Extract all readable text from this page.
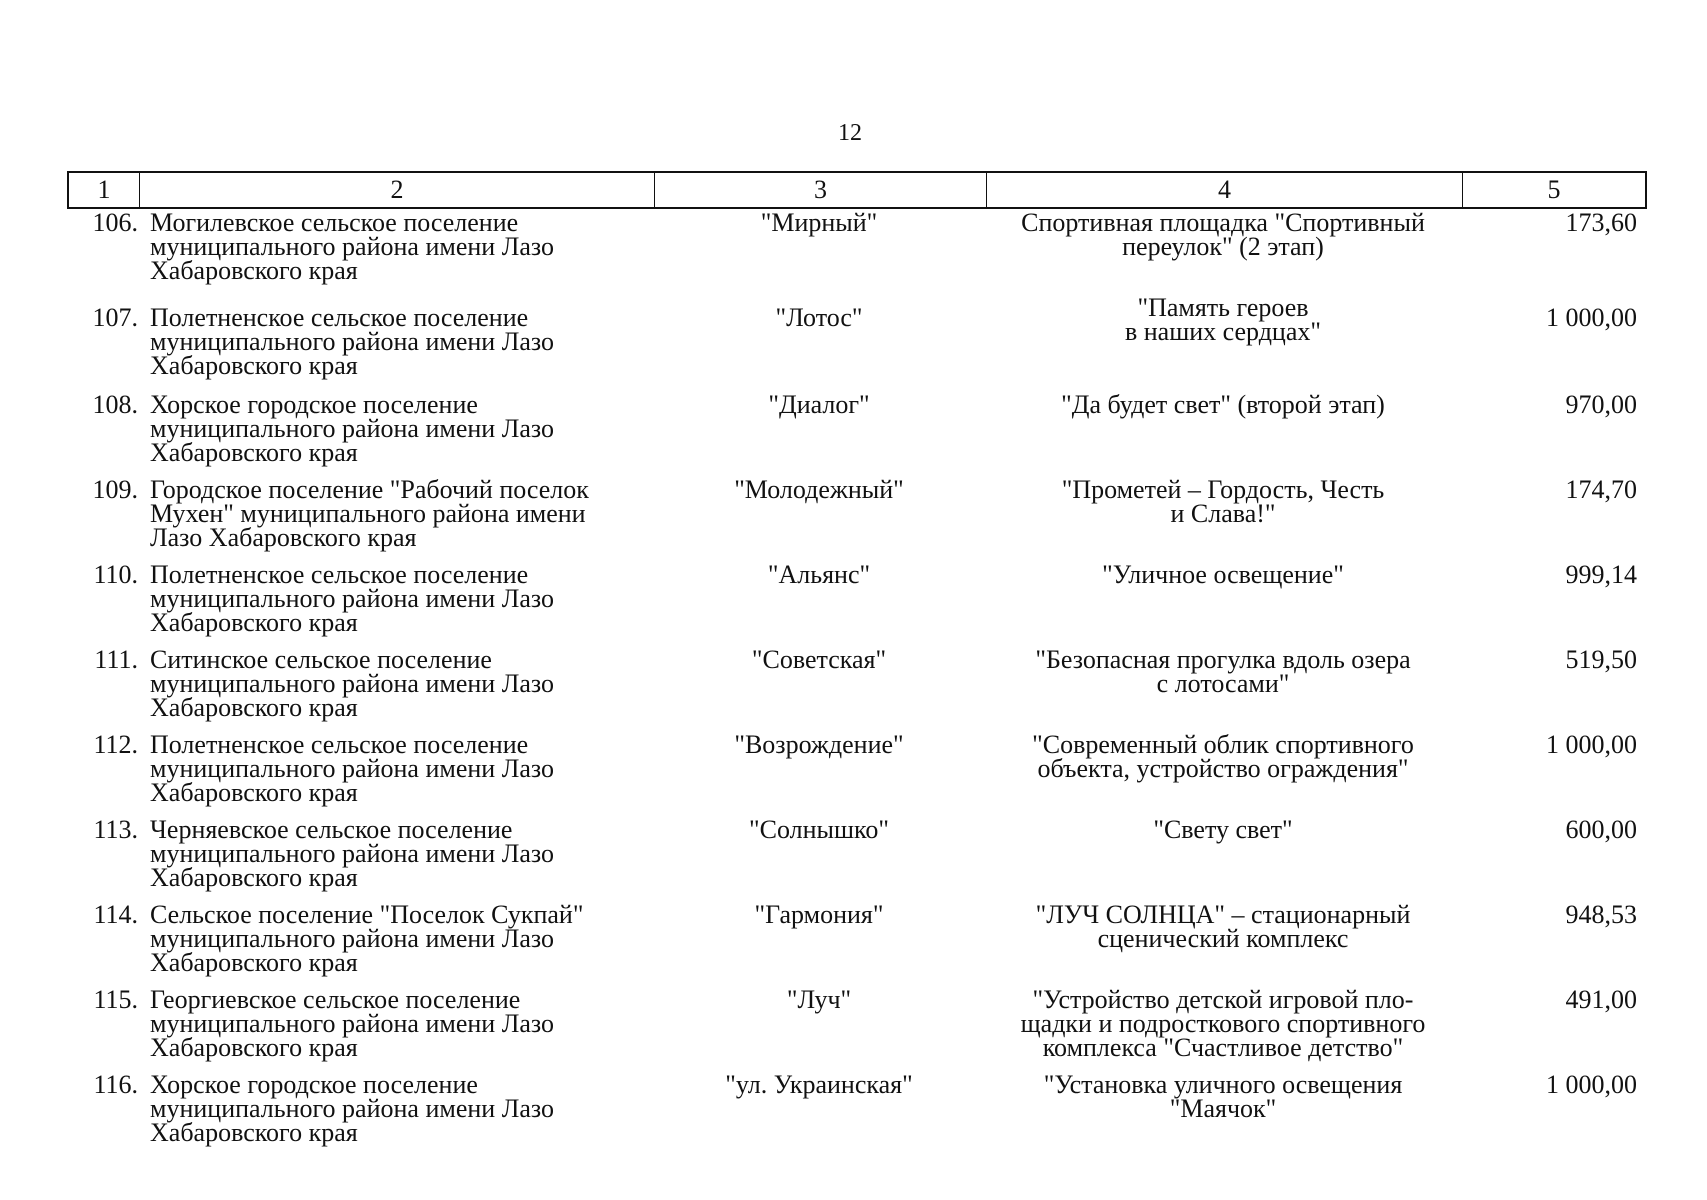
12
1	2	3	4	5
106. Могилевское сельское поселение
муниципального района имени Лазо
Хабаровского края
"Мирный"	Спортивная площадка "Спортивный
переулок" (2 этап)
173,60
107. Полетненское сельское поселение
муниципального района имени Лазо
Хабаровского края
"Лотос"	"Память героев
в наших сердцах"	1 000,00
108. Хорское городское поселение
муниципального района имени Лазо
Хабаровского края
"Диалог"	"Да будет свет" (второй этап)	970,00
109. Городское поселение "Рабочий поселок
Мухен" муниципального района имени
Лазо Хабаровского края
"Молодежный"	"Прометей – Гордость, Честь
и Слава!"
174,70
110. Полетненское сельское поселение
муниципального района имени Лазо
Хабаровского края
"Альянс"	"Уличное освещение"	999,14
111. Ситинское сельское поселение
муниципального района имени Лазо
Хабаровского края
"Советская"	"Безопасная прогулка вдоль озера
с лотосами"
519,50
112. Полетненское сельское поселение
муниципального района имени Лазо
Хабаровского края
"Возрождение"	"Современный облик спортивного
объекта, устройство ограждения"
1 000,00
113. Черняевское сельское поселение
муниципального района имени Лазо
Хабаровского края
"Солнышко"	"Свету свет"	600,00
114. Сельское поселение "Поселок Сукпай"
муниципального района имени Лазо
Хабаровского края
"Гармония"	"ЛУЧ СОЛНЦА" – стационарный
сценический комплекс
948,53
115. Георгиевское сельское поселение
муниципального района имени Лазо
Хабаровского края
"Луч"	"Устройство детской игровой пло-
щадки и подросткового спортивного
комплекса "Счастливое детство"
491,00
116. Хорское городское поселение
муниципального района имени Лазо
Хабаровского края
"ул. Украинская"	"Установка уличного освещения
"Маячок"
1 000,00
